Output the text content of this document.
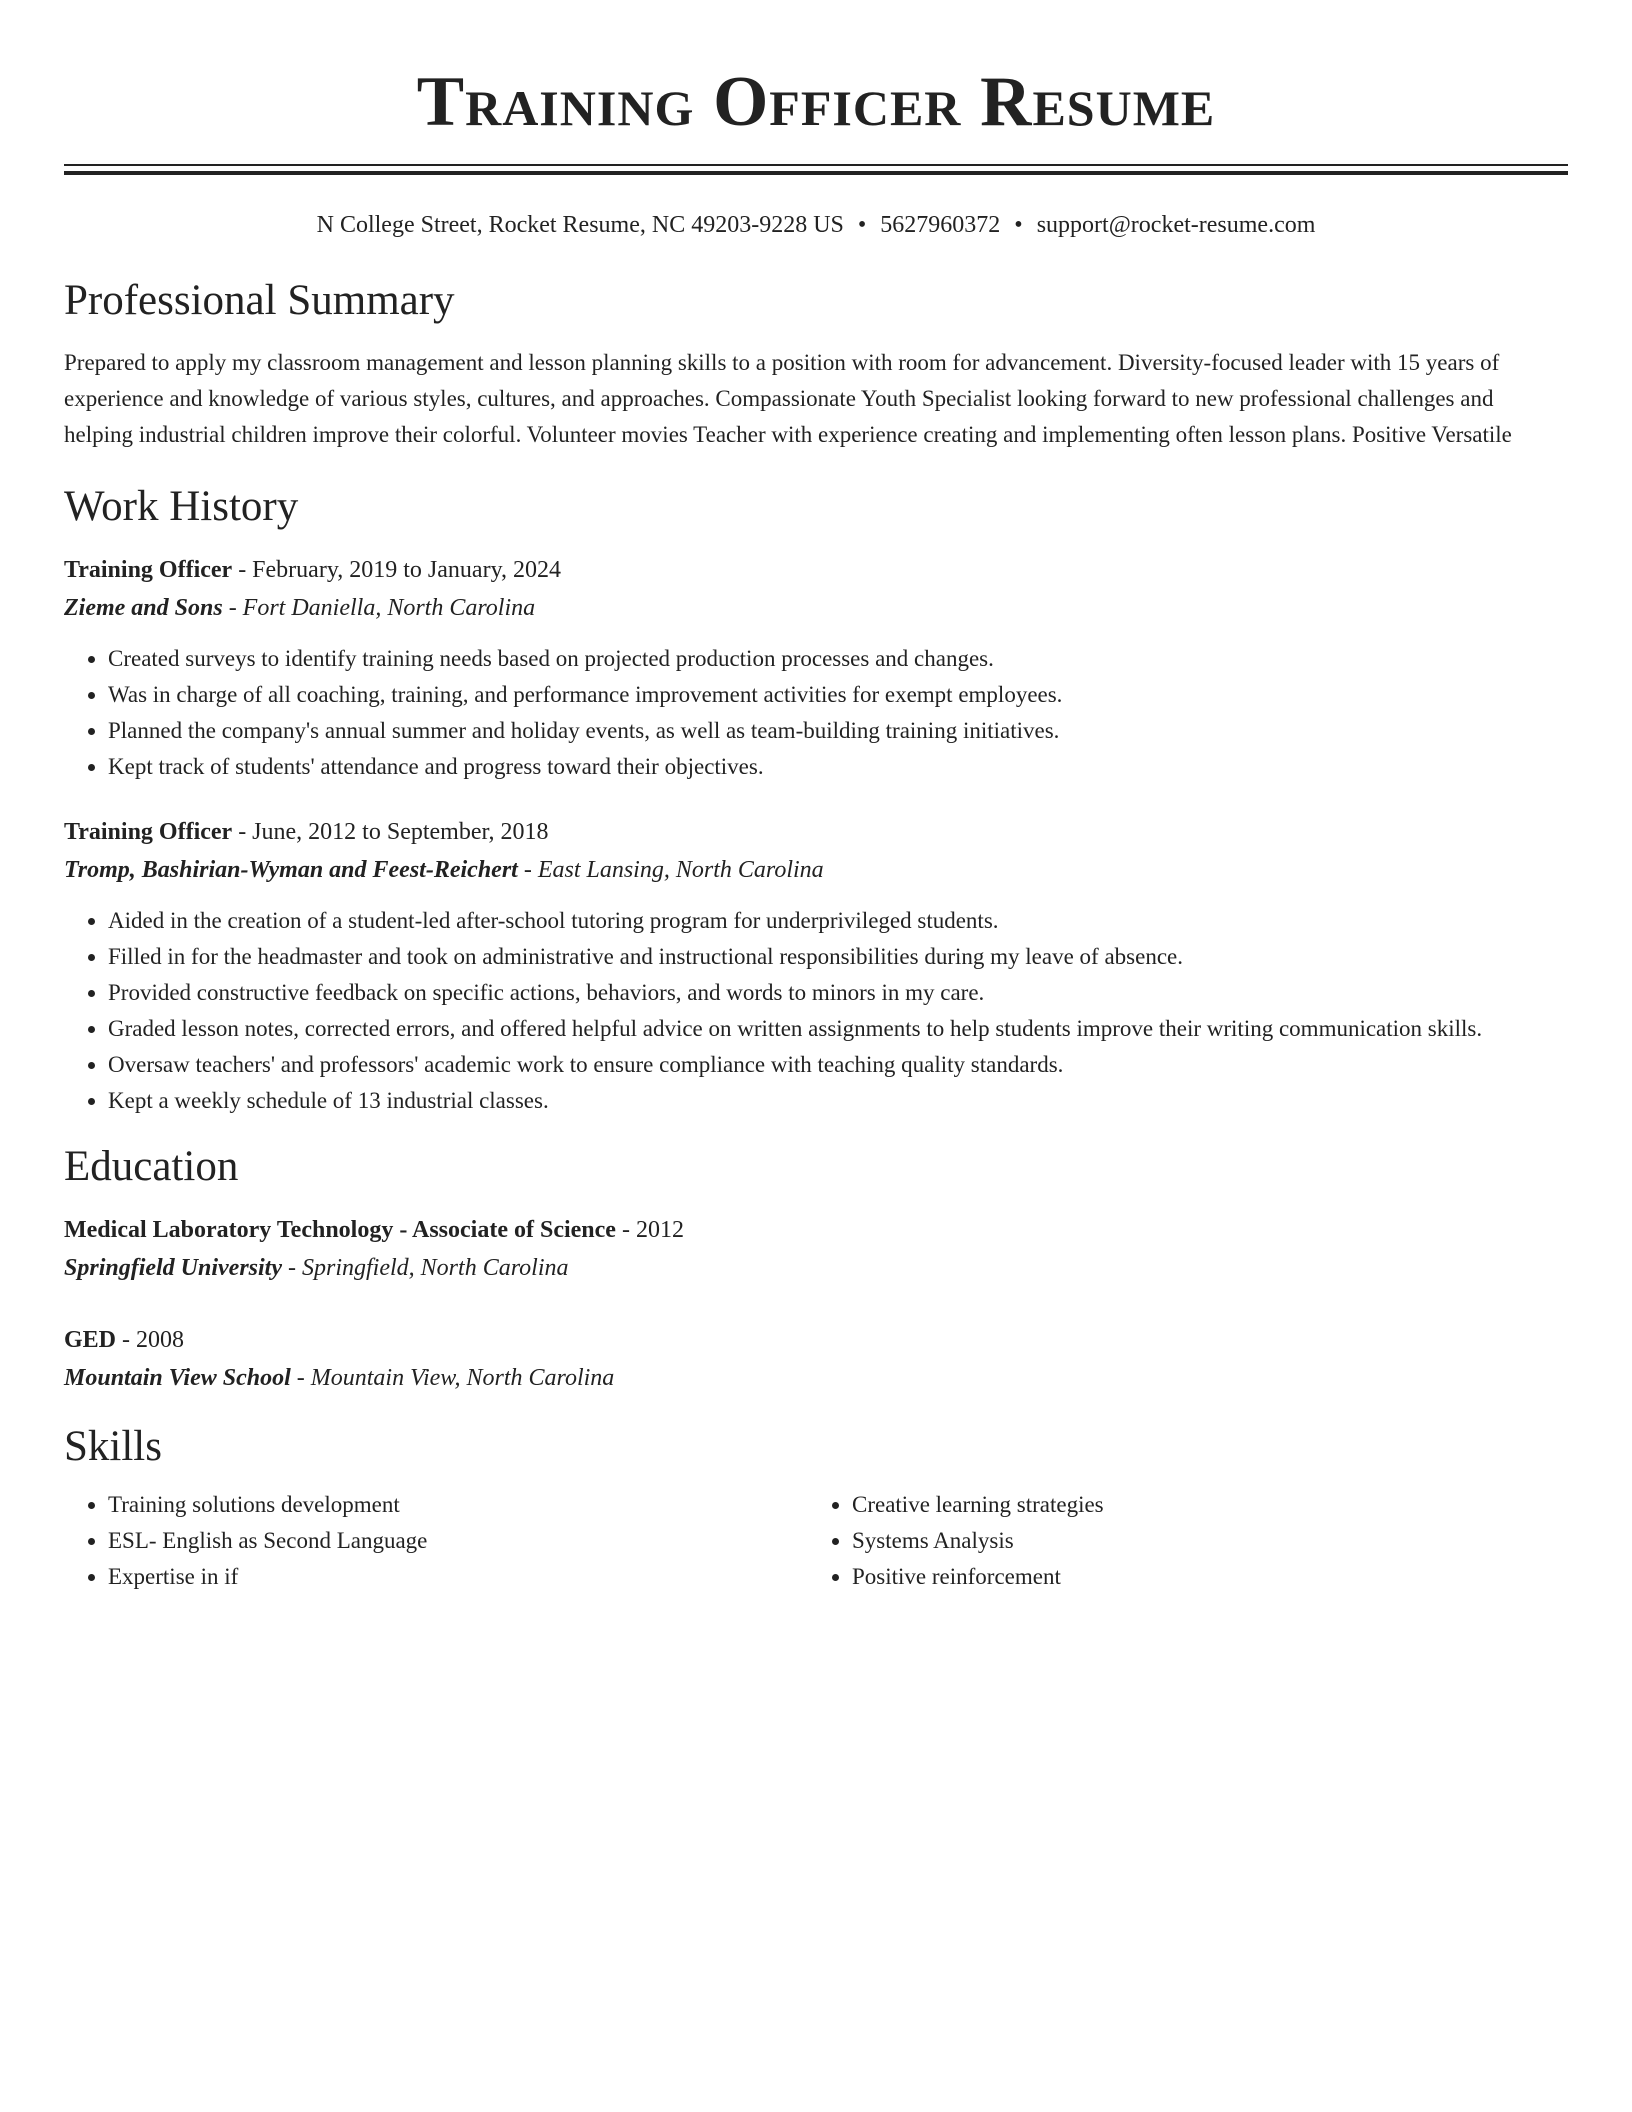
Training Officer Resume
N College Street, Rocket Resume, NC 49203-9228 US • 5627960372 • support@rocket-resume.com
Professional Summary

Prepared to apply my classroom management and lesson planning skills to a position with room for advancement. Diversity-focused leader with 15 years of experience and knowledge of various styles, cultures, and approaches. Compassionate Youth Specialist looking forward to new professional challenges and helping industrial children improve their colorful. Volunteer movies Teacher with experience creating and implementing often lesson plans. Positive Versatile

Work History
Training Officer - February, 2019 to January, 2024
Zieme and Sons - Fort Daniella, North Carolina
• Created surveys to identify training needs based on projected production processes and changes.
• Was in charge of all coaching, training, and performance improvement activities for exempt employees.
• Planned the company's annual summer and holiday events, as well as team-building training initiatives.
• Kept track of students' attendance and progress toward their objectives.
Training Officer - June, 2012 to September, 2018
Tromp, Bashirian-Wyman and Feest-Reichert - East Lansing, North Carolina
• Aided in the creation of a student-led after-school tutoring program for underprivileged students.
• Filled in for the headmaster and took on administrative and instructional responsibilities during my leave of absence.
• Provided constructive feedback on specific actions, behaviors, and words to minors in my care.
• Graded lesson notes, corrected errors, and offered helpful advice on written assignments to help students improve their writing communication skills.
• Oversaw teachers' and professors' academic work to ensure compliance with teaching quality standards.
• Kept a weekly schedule of 13 industrial classes.
Education
Medical Laboratory Technology - Associate of Science - 2012
Springfield University - Springfield, North Carolina
GED - 2008
Mountain View School - Mountain View, North Carolina
Skills
• Training solutions development
• ESL- English as Second Language
• Expertise in if
• Creative learning strategies
• Systems Analysis
• Positive reinforcement
